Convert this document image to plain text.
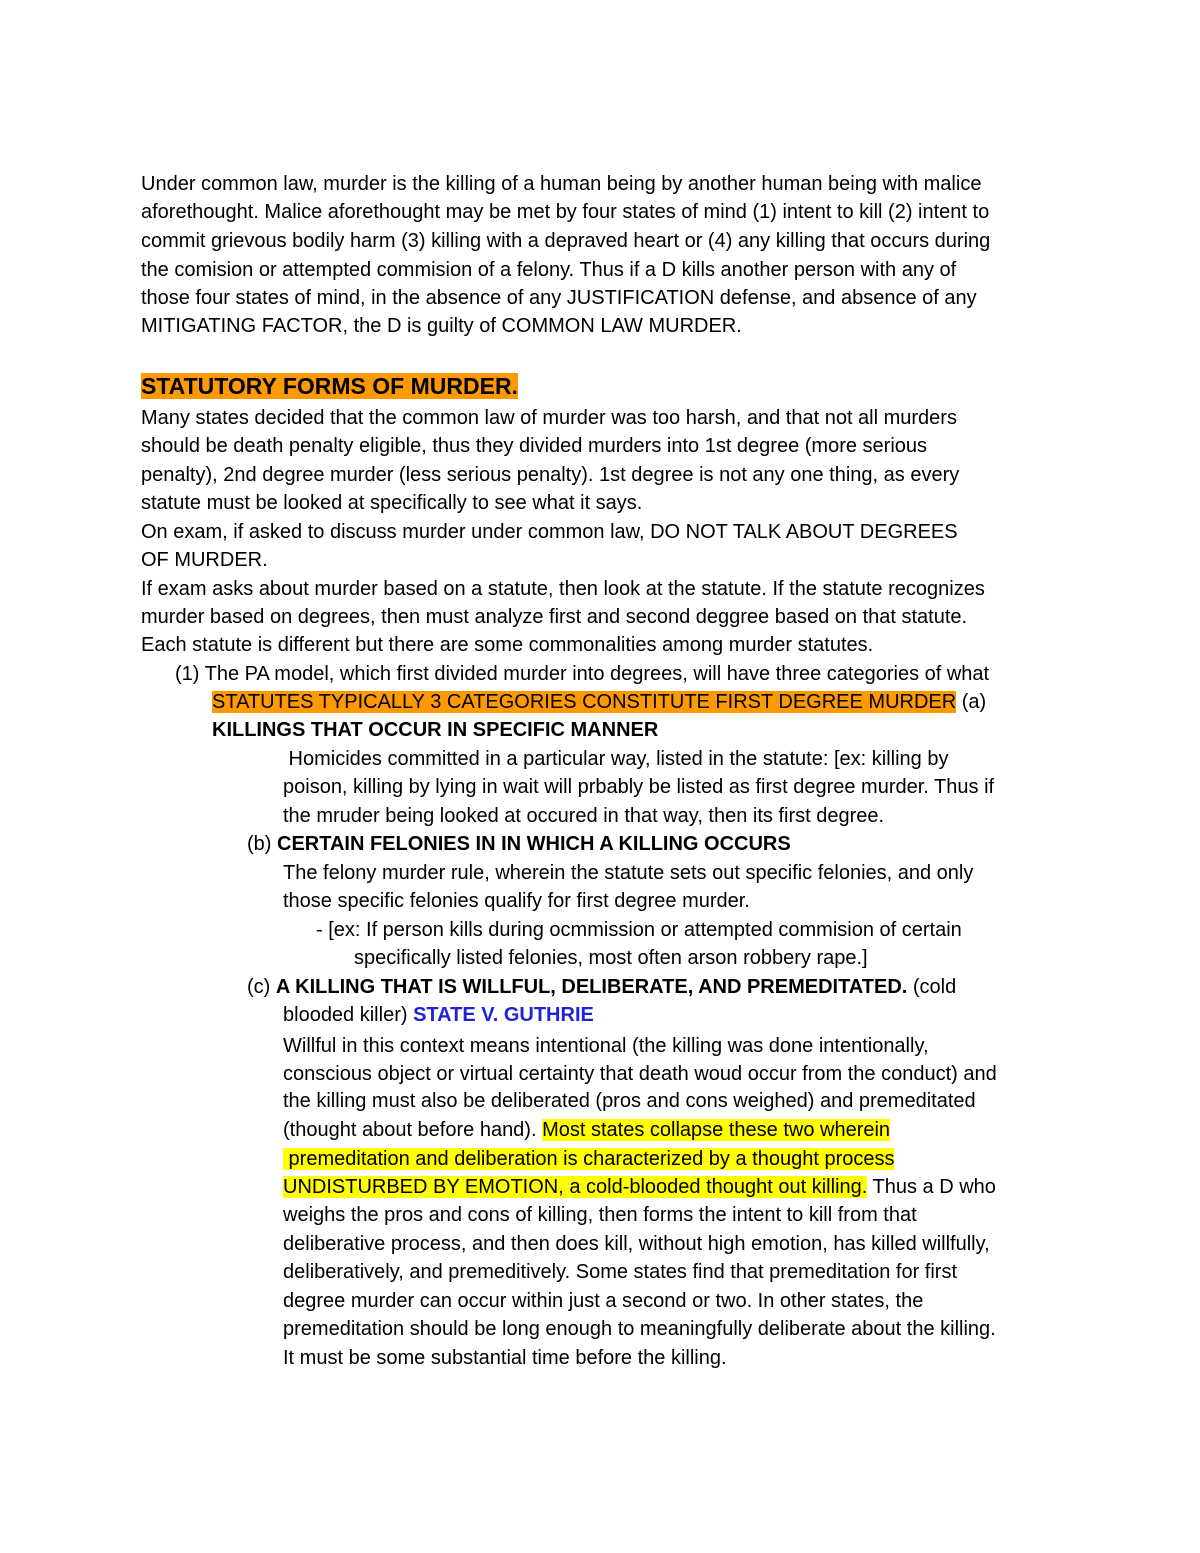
Under common law, murder is the killing of a human being by another human being with malice
aforethought. Malice aforethought may be met by four states of mind (1) intent to kill (2) intent to
commit grievous bodily harm (3) killing with a depraved heart or (4) any killing that occurs during
the comision or attempted commision of a felony. Thus if a D kills another person with any of
those four states of mind, in the absence of any JUSTIFICATION defense, and absence of any
MITIGATING FACTOR, the D is guilty of COMMON LAW MURDER.
STATUTORY FORMS OF MURDER.
Many states decided that the common law of murder was too harsh, and that not all murders
should be death penalty eligible, thus they divided murders into 1st degree (more serious
penalty), 2nd degree murder (less serious penalty). 1st degree is not any one thing, as every
statute must be looked at specifically to see what it says.
On exam, if asked to discuss murder under common law, DO NOT TALK ABOUT DEGREES
OF MURDER.
If exam asks about murder based on a statute, then look at the statute. If the statute recognizes
murder based on degrees, then must analyze first and second deggree based on that statute.
Each statute is different but there are some commonalities among murder statutes.
(1) The PA model, which first divided murder into degrees, will have three categories of what
STATUTES TYPICALLY 3 CATEGORIES CONSTITUTE FIRST DEGREE MURDER (a)
KILLINGS THAT OCCUR IN SPECIFIC MANNER
Homicides committed in a particular way, listed in the statute: [ex: killing by
poison, killing by lying in wait will prbably be listed as first degree murder. Thus if
the mruder being looked at occured in that way, then its first degree.
(b) CERTAIN FELONIES IN IN WHICH A KILLING OCCURS
The felony murder rule, wherein the statute sets out specific felonies, and only
those specific felonies qualify for first degree murder.
- [ex: If person kills during ocmmission or attempted commision of certain
specifically listed felonies, most often arson robbery rape.]
(c) A KILLING THAT IS WILLFUL, DELIBERATE, AND PREMEDITATED. (cold
blooded killer) STATE V. GUTHRIE
Willful in this context means intentional (the killing was done intentionally,
conscious object or virtual certainty that death woud occur from the conduct) and
the killing must also be deliberated (pros and cons weighed) and premeditated
(thought about before hand). Most states collapse these two wherein
premeditation and deliberation is characterized by a thought process
UNDISTURBED BY EMOTION, a cold-blooded thought out killing. Thus a D who
weighs the pros and cons of killing, then forms the intent to kill from that
deliberative process, and then does kill, without high emotion, has killed willfully,
deliberatively, and premeditively. Some states find that premeditation for first
degree murder can occur within just a second or two. In other states, the
premeditation should be long enough to meaningfully deliberate about the killing.
It must be some substantial time before the killing.
